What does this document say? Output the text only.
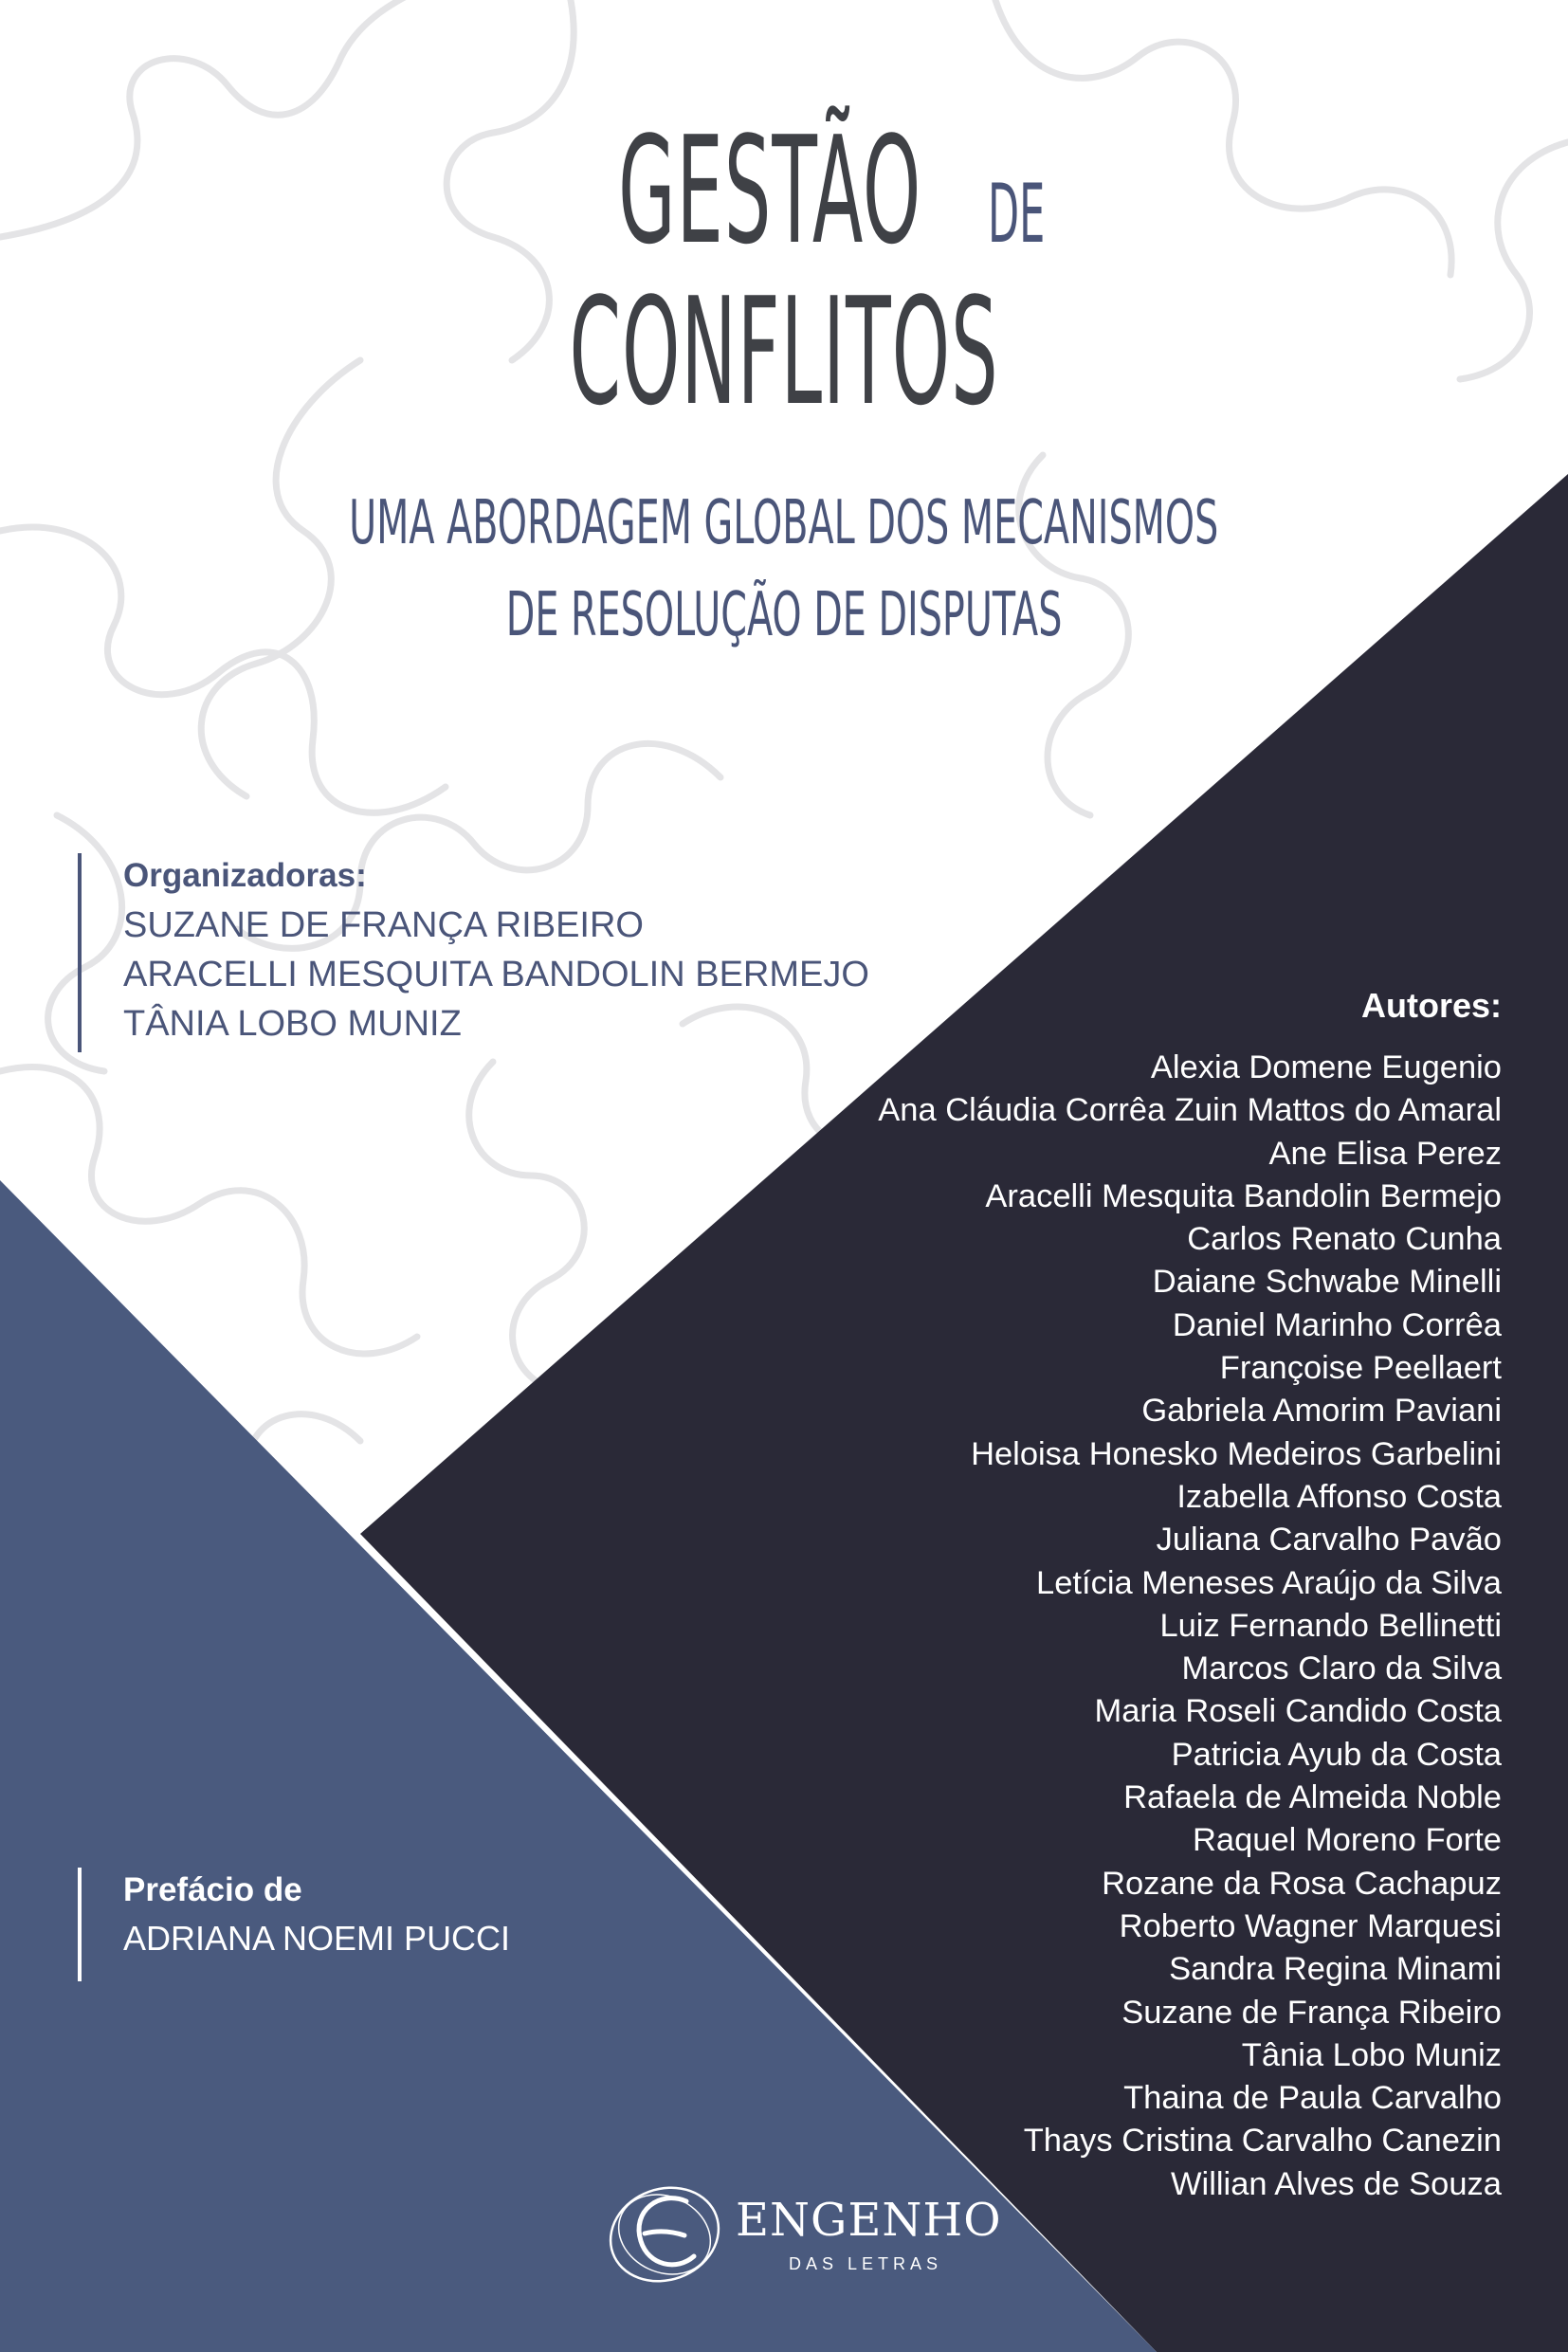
GESTÃO DE
CONFLITOS
UMA ABORDAGEM GLOBAL DOS MECANISMOS
DE RESOLUÇÃO DE DISPUTAS
Organizadoras:
SUZANE DE FRANÇA RIBEIRO
ARACELLI MESQUITA BANDOLIN BERMEJO
TÂNIA LOBO MUNIZ	Autores:
Alexia Domene Eugenio
Ana Cláudia Corrêa Zuin Mattos do Amaral
Ane Elisa Perez
Aracelli Mesquita Bandolin Bermejo
Carlos Renato Cunha
Daiane Schwabe Minelli
Daniel Marinho Corrêa
Françoise Peellaert
Gabriela Amorim Paviani
Heloisa Honesko Medeiros Garbelini
Izabella Affonso Costa
Juliana Carvalho Pavão
Letícia Meneses Araújo da Silva
Luiz Fernando Bellinetti
Marcos Claro da Silva
Maria Roseli Candido Costa
Patricia Ayub da Costa
Rafaela de Almeida Noble
Raquel Moreno Forte
Rozane da Rosa Cachapuz
Roberto Wagner Marquesi
Sandra Regina Minami
Suzane de França Ribeiro
Tânia Lobo Muniz
Thaina de Paula Carvalho
Thays Cristina Carvalho Canezin
Willian Alves de Souza
Prefácio de
ADRIANA NOEMI PUCCI
ENGENHO
DAS LETRAS
